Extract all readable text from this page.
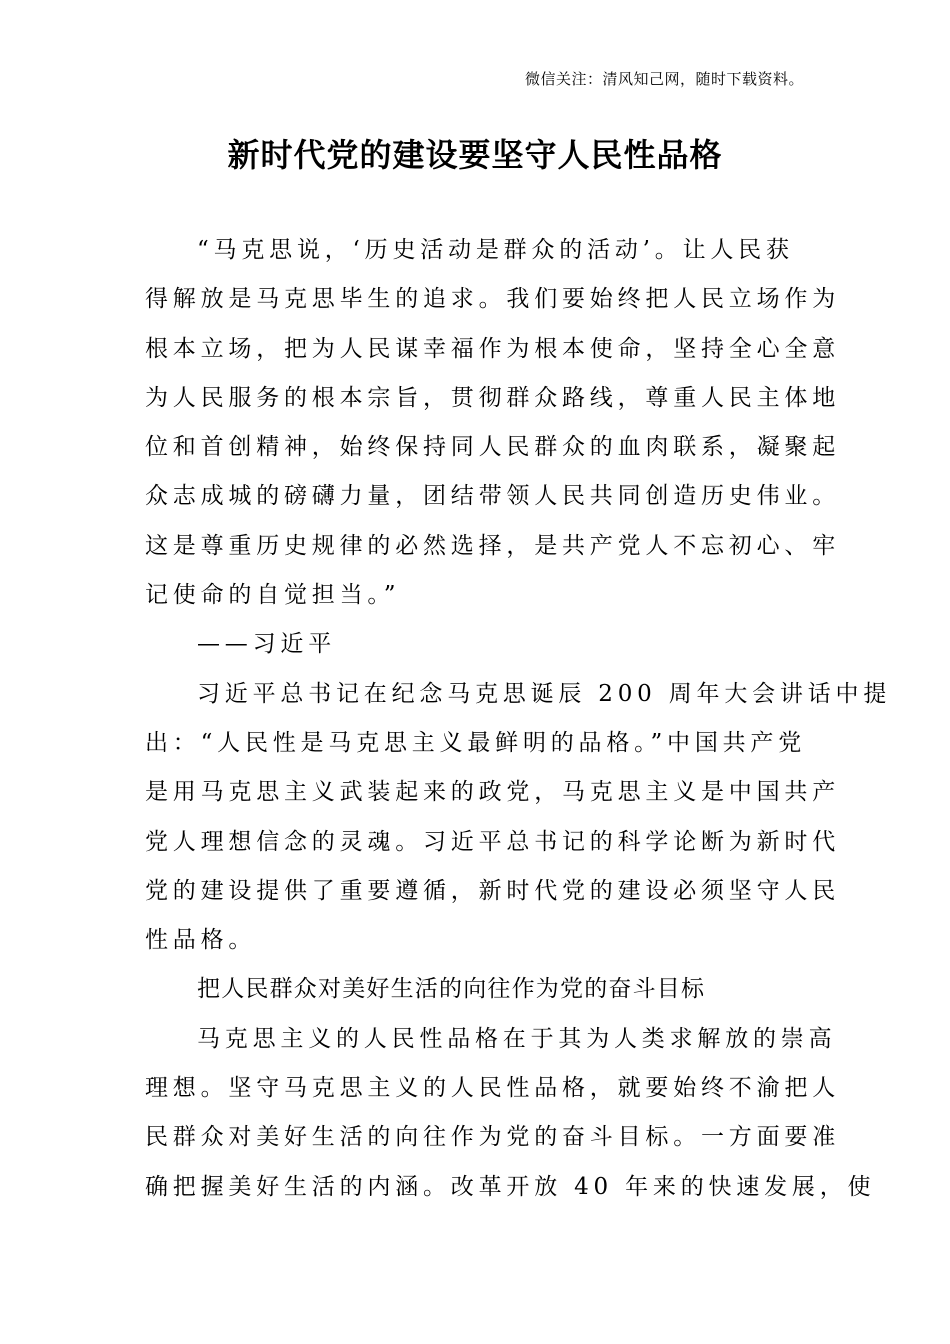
微信关注：清风知己网，随时下载资料。
新时代党的建设要坚守人民性品格
“马克思说，‘历史活动是群众的活动’。让人民获
得解放是马克思毕生的追求。我们要始终把人民立场作为
根本立场，把为人民谋幸福作为根本使命，坚持全心全意
为人民服务的根本宗旨，贯彻群众路线，尊重人民主体地
位和首创精神，始终保持同人民群众的血肉联系，凝聚起
众志成城的磅礴力量，团结带领人民共同创造历史伟业。
这是尊重历史规律的必然选择，是共产党人不忘初心、牢
记使命的自觉担当。”
——习近平
习近平总书记在纪念马克思诞辰 200 周年大会讲话中提
出：“人民性是马克思主义最鲜明的品格。”中国共产党
是用马克思主义武装起来的政党，马克思主义是中国共产
党人理想信念的灵魂。习近平总书记的科学论断为新时代
党的建设提供了重要遵循，新时代党的建设必须坚守人民
性品格。
把人民群众对美好生活的向往作为党的奋斗目标
马克思主义的人民性品格在于其为人类求解放的崇高
理想。坚守马克思主义的人民性品格，就要始终不渝把人
民群众对美好生活的向往作为党的奋斗目标。一方面要准
确把握美好生活的内涵。改革开放 40 年来的快速发展，使
